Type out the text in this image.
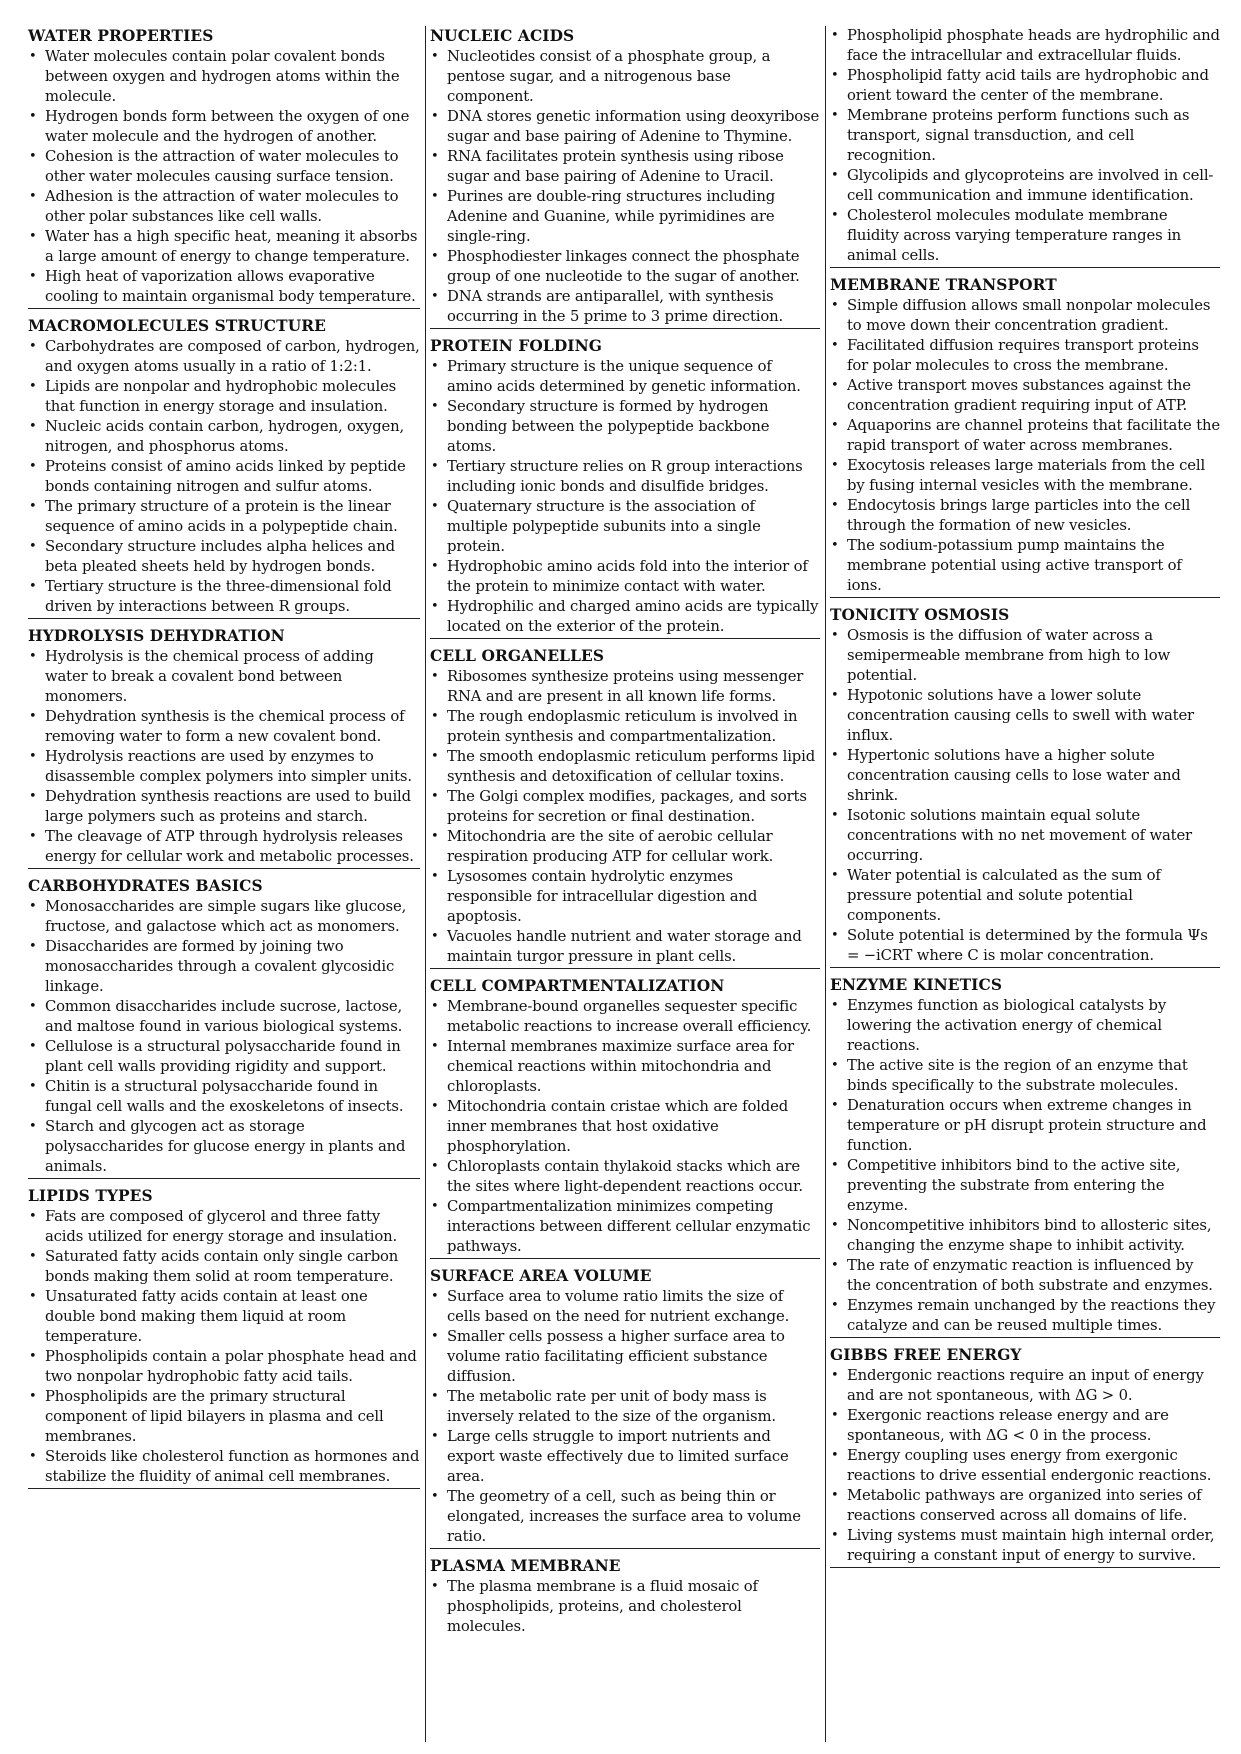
WATER PROPERTIES
• Water molecules contain polar covalent bonds between oxygen and hydrogen atoms within the molecule.
• Hydrogen bonds form between the oxygen of one water molecule and the hydrogen of another.
• Cohesion is the attraction of water molecules to other water molecules causing surface tension.
• Adhesion is the attraction of water molecules to other polar substances like cell walls.
• Water has a high specific heat, meaning it absorbs a large amount of energy to change temperature.
• High heat of vaporization allows evaporative cooling to maintain organismal body temperature.
MACROMOLECULES STRUCTURE
• Carbohydrates are composed of carbon, hydrogen, and oxygen atoms usually in a ratio of 1:2:1.
• Lipids are nonpolar and hydrophobic molecules that function in energy storage and insulation.
• Nucleic acids contain carbon, hydrogen, oxygen, nitrogen, and phosphorus atoms.
• Proteins consist of amino acids linked by peptide bonds containing nitrogen and sulfur atoms.
• The primary structure of a protein is the linear sequence of amino acids in a polypeptide chain.
• Secondary structure includes alpha helices and beta pleated sheets held by hydrogen bonds.
• Tertiary structure is the three-dimensional fold driven by interactions between R groups.
HYDROLYSIS DEHYDRATION
• Hydrolysis is the chemical process of adding water to break a covalent bond between monomers.
• Dehydration synthesis is the chemical process of removing water to form a new covalent bond.
• Hydrolysis reactions are used by enzymes to disassemble complex polymers into simpler units.
• Dehydration synthesis reactions are used to build large polymers such as proteins and starch.
• The cleavage of ATP through hydrolysis releases energy for cellular work and metabolic processes.
CARBOHYDRATES BASICS
• Monosaccharides are simple sugars like glucose, fructose, and galactose which act as monomers.
• Disaccharides are formed by joining two monosaccharides through a covalent glycosidic linkage.
• Common disaccharides include sucrose, lactose, and maltose found in various biological systems.
• Cellulose is a structural polysaccharide found in plant cell walls providing rigidity and support.
• Chitin is a structural polysaccharide found in fungal cell walls and the exoskeletons of insects.
• Starch and glycogen act as storage polysaccharides for glucose energy in plants and animals.
LIPIDS TYPES
• Fats are composed of glycerol and three fatty acids utilized for energy storage and insulation.
• Saturated fatty acids contain only single carbon bonds making them solid at room temperature.
• Unsaturated fatty acids contain at least one double bond making them liquid at room temperature.
• Phospholipids contain a polar phosphate head and two nonpolar hydrophobic fatty acid tails.
• Phospholipids are the primary structural component of lipid bilayers in plasma and cell membranes.
• Steroids like cholesterol function as hormones and stabilize the fluidity of animal cell membranes.
NUCLEIC ACIDS
• Nucleotides consist of a phosphate group, a pentose sugar, and a nitrogenous base component.
• DNA stores genetic information using deoxyribose sugar and base pairing of Adenine to Thymine.
• RNA facilitates protein synthesis using ribose sugar and base pairing of Adenine to Uracil.
• Purines are double-ring structures including Adenine and Guanine, while pyrimidines are single-ring.
• Phosphodiester linkages connect the phosphate group of one nucleotide to the sugar of another.
• DNA strands are antiparallel, with synthesis occurring in the 5 prime to 3 prime direction.
PROTEIN FOLDING
• Primary structure is the unique sequence of amino acids determined by genetic information.
• Secondary structure is formed by hydrogen bonding between the polypeptide backbone atoms.
• Tertiary structure relies on R group interactions including ionic bonds and disulfide bridges.
• Quaternary structure is the association of multiple polypeptide subunits into a single protein.
• Hydrophobic amino acids fold into the interior of the protein to minimize contact with water.
• Hydrophilic and charged amino acids are typically located on the exterior of the protein.
CELL ORGANELLES
• Ribosomes synthesize proteins using messenger RNA and are present in all known life forms.
• The rough endoplasmic reticulum is involved in protein synthesis and compartmentalization.
• The smooth endoplasmic reticulum performs lipid synthesis and detoxification of cellular toxins.
• The Golgi complex modifies, packages, and sorts proteins for secretion or final destination.
• Mitochondria are the site of aerobic cellular respiration producing ATP for cellular work.
• Lysosomes contain hydrolytic enzymes responsible for intracellular digestion and apoptosis.
• Vacuoles handle nutrient and water storage and maintain turgor pressure in plant cells.
CELL COMPARTMENTALIZATION
• Membrane-bound organelles sequester specific metabolic reactions to increase overall efficiency.
• Internal membranes maximize surface area for chemical reactions within mitochondria and chloroplasts.
• Mitochondria contain cristae which are folded inner membranes that host oxidative phosphorylation.
• Chloroplasts contain thylakoid stacks which are the sites where light-dependent reactions occur.
• Compartmentalization minimizes competing interactions between different cellular enzymatic pathways.
SURFACE AREA VOLUME
• Surface area to volume ratio limits the size of cells based on the need for nutrient exchange.
• Smaller cells possess a higher surface area to volume ratio facilitating efficient substance diffusion.
• The metabolic rate per unit of body mass is inversely related to the size of the organism.
• Large cells struggle to import nutrients and export waste effectively due to limited surface area.
• The geometry of a cell, such as being thin or elongated, increases the surface area to volume ratio.
PLASMA MEMBRANE
• The plasma membrane is a fluid mosaic of phospholipids, proteins, and cholesterol molecules.
• Phospholipid phosphate heads are hydrophilic and face the intracellular and extracellular fluids.
• Phospholipid fatty acid tails are hydrophobic and orient toward the center of the membrane.
• Membrane proteins perform functions such as transport, signal transduction, and cell recognition.
• Glycolipids and glycoproteins are involved in cell-cell communication and immune identification.
• Cholesterol molecules modulate membrane fluidity across varying temperature ranges in animal cells.
MEMBRANE TRANSPORT
• Simple diffusion allows small nonpolar molecules to move down their concentration gradient.
• Facilitated diffusion requires transport proteins for polar molecules to cross the membrane.
• Active transport moves substances against the concentration gradient requiring input of ATP.
• Aquaporins are channel proteins that facilitate the rapid transport of water across membranes.
• Exocytosis releases large materials from the cell by fusing internal vesicles with the membrane.
• Endocytosis brings large particles into the cell through the formation of new vesicles.
• The sodium-potassium pump maintains the membrane potential using active transport of ions.
TONICITY OSMOSIS
• Osmosis is the diffusion of water across a semipermeable membrane from high to low potential.
• Hypotonic solutions have a lower solute concentration causing cells to swell with water influx.
• Hypertonic solutions have a higher solute concentration causing cells to lose water and shrink.
• Isotonic solutions maintain equal solute concentrations with no net movement of water occurring.
• Water potential is calculated as the sum of pressure potential and solute potential components.
• Solute potential is determined by the formula Ψs = −iCRT where C is molar concentration.
ENZYME KINETICS
• Enzymes function as biological catalysts by lowering the activation energy of chemical reactions.
• The active site is the region of an enzyme that binds specifically to the substrate molecules.
• Denaturation occurs when extreme changes in temperature or pH disrupt protein structure and function.
• Competitive inhibitors bind to the active site, preventing the substrate from entering the enzyme.
• Noncompetitive inhibitors bind to allosteric sites, changing the enzyme shape to inhibit activity.
• The rate of enzymatic reaction is influenced by the concentration of both substrate and enzymes.
• Enzymes remain unchanged by the reactions they catalyze and can be reused multiple times.
GIBBS FREE ENERGY
• Endergonic reactions require an input of energy and are not spontaneous, with ΔG > 0.
• Exergonic reactions release energy and are spontaneous, with ΔG < 0 in the process.
• Energy coupling uses energy from exergonic reactions to drive essential endergonic reactions.
• Metabolic pathways are organized into series of reactions conserved across all domains of life.
• Living systems must maintain high internal order, requiring a constant input of energy to survive.
